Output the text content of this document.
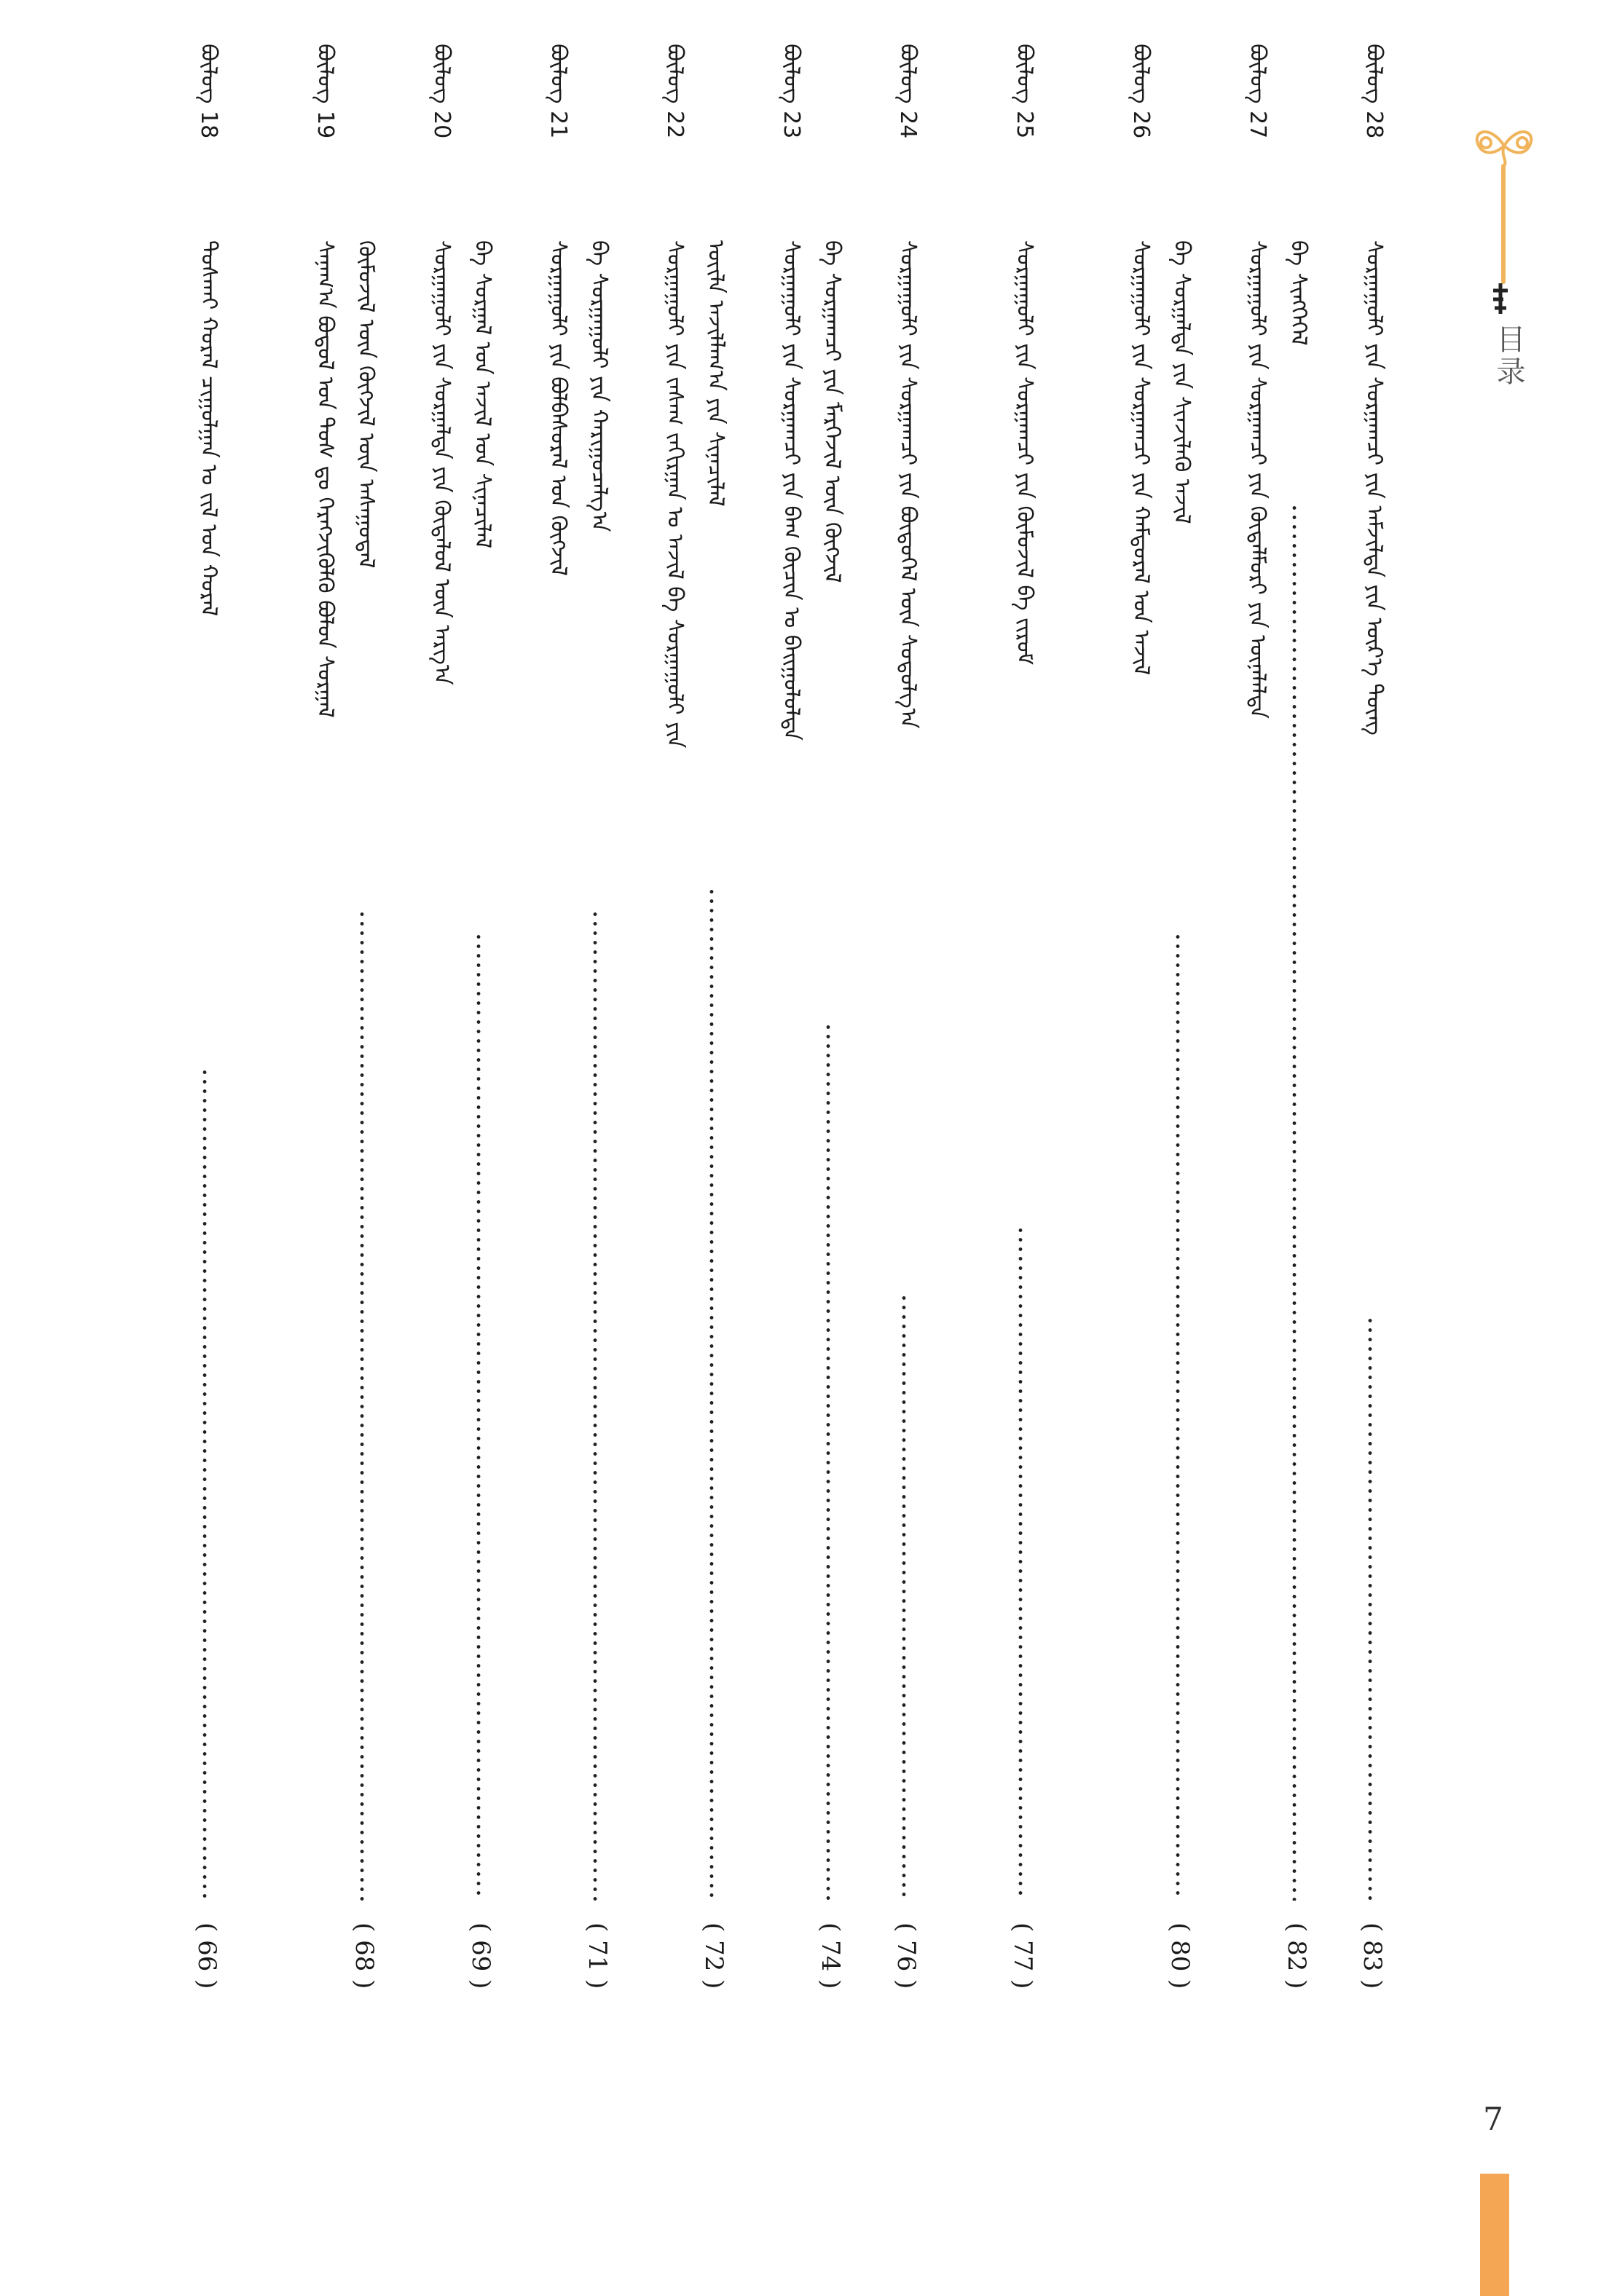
目录
ᠪᠦᠯᠦᠭ 18
ᠲᠤᠰᠬᠠᠶ ᠬᠤᠷᠠᠯ ᠴᠢᠭᠤᠯᠭᠠᠨ ᠤ ᠵᠢᠯ ᠤᠨ ᠬᠤᠷᠠᠯ
( 66 )
ᠪᠦᠯᠦᠭ 19
ᠰᠠᠨᠠᠭ᠎ᠠ ᠪᠣᠳᠤᠯ ᠤᠨ ᠳᠤᠰ ᠳᠤ ᠬᠡᠷᠡᠭᠵᠢᠭᠦᠯᠬᠦ ᠪᠤᠯᠤᠨ ᠰᠤᠷᠭᠠᠯ ᠬᠦᠮᠦᠵᠢᠯ ᠦᠨ ᠬᠥᠭᠵᠢᠯ ᠦᠨ ᠠᠰᠠᠭᠤᠳᠠᠯ
( 68 )
ᠪᠦᠯᠦᠭ 20
ᠰᠤᠷᠭᠠᠭᠤᠯᠢ ᠶᠢᠨ ᠰᠤᠷᠭᠠᠯᠲᠠ ᠶᠢᠨ ᠬᠥᠳᠡᠯᠦᠯ ᠦᠨ ᠠᠷᠭ᠎ᠠ ᠪᠠ ᠰᠤᠷᠭᠠᠯ ᠤᠨ ᠠᠵᠢᠯ ᠤᠨ ᠰᠢᠨᠡᠴᠢᠯᠡᠯ
( 69 )
ᠪᠦᠯᠦᠭ 21
ᠰᠤᠷᠭᠠᠭᠤᠯᠢ ᠶᠢᠨ ᠪᠣᠯᠪᠠᠰᠤᠷᠠᠯ ᠤᠨ ᠬᠥᠭᠵᠢᠯ ᠪᠠ ᠰᠤᠷᠭᠠᠭᠤᠯᠢ ᠶᠢᠨ ᠬᠠᠷᠢᠭᠤᠴᠠᠯᠭ᠎ᠠ
( 71 )
ᠪᠦᠯᠦᠭ 22
ᠰᠤᠷᠭᠠᠭᠤᠯᠢ ᠶᠢᠨ ᠵᠠᠰᠠᠭ ᠵᠠᠬᠢᠷᠭᠠᠨ ᠤ ᠠᠵᠢᠯ ᠪᠠ ᠰᠤᠷᠭᠠᠭᠤᠯᠢ ᠶᠢᠨ ᠦᠢᠯᠡ ᠠᠵᠢᠯᠯᠠᠭ᠎ᠠ ᠶᠢᠨ ᠰᠢᠨᠡᠴᠢᠯᠡᠯ
( 72 )
ᠪᠦᠯᠦᠭ 23
ᠰᠤᠷᠭᠠᠭᠤᠯᠢ ᠶᠢᠨ ᠰᠤᠷᠭᠠᠭᠴᠢ ᠶᠢᠨ ᠪᠠᠭ ᠬᠥᠴᠢᠨ ᠤ ᠪᠠᠢᠭᠤᠯᠤᠯᠲᠠ ᠪᠠ ᠰᠤᠷᠭᠠᠭᠴᠢ ᠶᠢᠨ ᠮᠡᠷᠭᠡᠵᠢᠯ ᠦᠨ ᠬᠥᠭᠵᠢᠯ
( 74 )
ᠪᠦᠯᠦᠭ 24
ᠰᠤᠷᠭᠠᠭᠤᠯᠢ ᠶᠢᠨ ᠰᠤᠷᠭᠠᠭᠴᠢ ᠶᠢᠨ ᠪᠦᠲᠦᠭᠡᠯ ᠦᠨ ᠰᠤᠳᠤᠯᠭ᠎ᠠ
( 76 )
ᠪᠦᠯᠦᠭ 25
ᠰᠤᠷᠭᠠᠭᠤᠯᠢ ᠶᠢᠨ ᠰᠤᠷᠭᠠᠭᠴᠢ ᠶᠢᠨ ᠬᠥᠮᠦᠵᠢᠯ ᠪᠠ ᠵᠢᠷᠤᠮ
( 77 )
ᠪᠦᠯᠦᠭ 26
ᠰᠤᠷᠭᠠᠭᠤᠯᠢ ᠶᠢᠨ ᠰᠤᠷᠭᠠᠭᠴᠢ ᠶᠢᠨ ᠬᠠᠮᠲᠤᠷᠠᠯ ᠤᠨ ᠠᠵᠢᠯ ᠪᠠ ᠰᠤᠷᠭᠠᠯᠲᠠ ᠶᠢᠨ ᠰᠢᠨᠵᠢᠯᠡᠬᠦ ᠠᠵᠢᠯ
( 80 )
ᠪᠦᠯᠦᠭ 27
ᠰᠤᠷᠭᠠᠭᠤᠯᠢ ᠶᠢᠨ ᠰᠤᠷᠭᠠᠭᠴᠢ ᠶᠢᠨ ᠬᠥᠳᠡᠯᠮᠦᠷᠢ ᠶᠢᠨ ᠦᠨᠡᠯᠡᠯᠲᠡ ᠪᠠ ᠰᠢᠩᠭᠡᠭᠡᠯ
( 82 )
ᠪᠦᠯᠦᠭ 28
ᠰᠤᠷᠭᠠᠭᠤᠯᠢ ᠶᠢᠨ ᠰᠤᠷᠭᠠᠭᠴᠢ ᠶᠢᠨ ᠠᠮᠵᠢᠯᠲᠠ ᠶᠢᠨ ᠦᠷ᠎ᠡ ᠳᠦᠩ
( 83 )
7
